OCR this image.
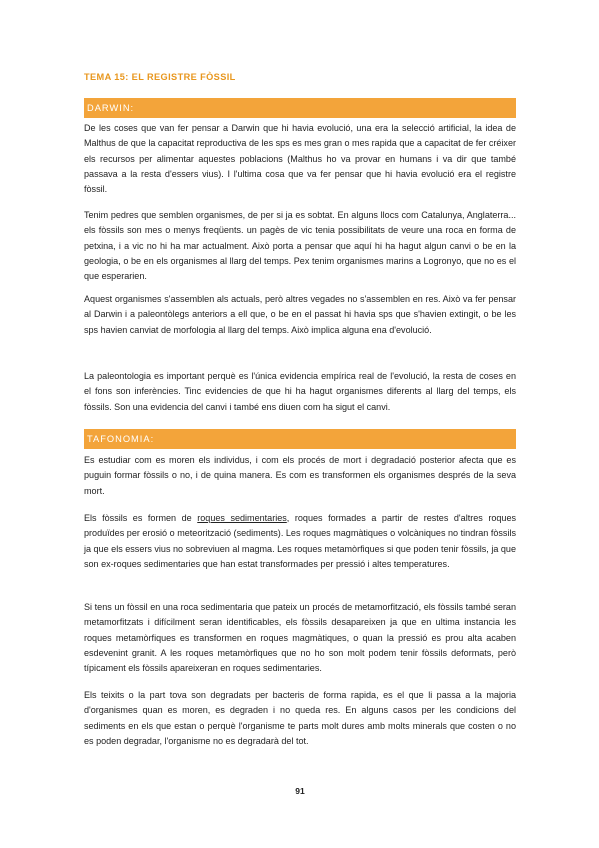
TEMA 15: EL REGISTRE FÒSSIL
DARWIN:

De les coses que van fer pensar a Darwin que hi havia evolució, una era la selecció artificial, la idea de Malthus de que la capacitat reproductiva de les sps es mes gran o mes rapida que a capacitat de fer créixer els recursos per alimentar aquestes poblacions (Malthus ho va provar en humans i va dir que també passava a la resta d'essers vius). I l'ultima cosa que va fer pensar que hi havia evolució era el registre fòssil.

Tenim pedres que semblen organismes, de per si ja es sobtat. En alguns llocs com Catalunya, Anglaterra... els fòssils son mes o menys freqüents. un pagès de vic tenia possibilitats de veure una roca en forma de petxina, i a vic no hi ha mar actualment. Això porta a pensar que aquí hi ha hagut algun canvi o be en la geologia, o be en els organismes al llarg del temps. Pex tenim organismes marins a Logronyo, que no es el que esperarien.

Aquest organismes s'assemblen als actuals, però altres vegades no s'assemblen en res. Això va fer pensar al Darwin i a paleontòlegs anteriors a ell que, o be en el passat hi havia sps que s'havien extingit, o be les sps havien canviat de morfologia al llarg del temps. Això implica alguna ena d'evolució.

La paleontologia es important perquè es l'única evidencia empírica real de l'evolució, la resta de coses en el fons son inferències. Tinc evidencies de que hi ha hagut organismes diferents al llarg del temps, els fòssils. Son una evidencia del canvi i també ens diuen com ha sigut el canvi.

TAFONOMIA:

Es estudiar com es moren els individus, i com els procés de mort i degradació posterior afecta que es puguin formar fòssils o no, i de quina manera. Es com es transformen els organismes després de la seva mort.

Els fòssils es formen de roques sedimentaries, roques formades a partir de restes d'altres roques produïdes per erosió o meteorització (sediments). Les roques magmàtiques o volcàniques no tindran fòssils ja que els essers vius no sobreviuen al magma. Les roques metamòrfiques si que poden tenir fòssils, ja que son ex-roques sedimentaries que han estat transformades per pressió i altes temperatures.

Si tens un fòssil en una roca sedimentaria que pateix un procés de metamorfització, els fòssils també seran metamorfitzats i difícilment seran identificables, els fòssils desapareixen ja que en ultima instancia les roques metamòrfiques es transformen en roques magmàtiques, o quan la pressió es prou alta acaben esdevenint granit. A les roques metamòrfiques que no ho son molt podem tenir fòssils deformats, però típicament els fòssils apareixeran en roques sedimentaries.

Els teixits o la part tova son degradats per bacteris de forma rapida, es el que li passa a la majoria d'organismes quan es moren, es degraden i no queda res. En alguns casos per les condicions del sediments en els que estan o perquè l'organisme te parts molt dures amb molts minerals que costen o no es poden degradar, l'organisme no es degradarà del tot.

91
